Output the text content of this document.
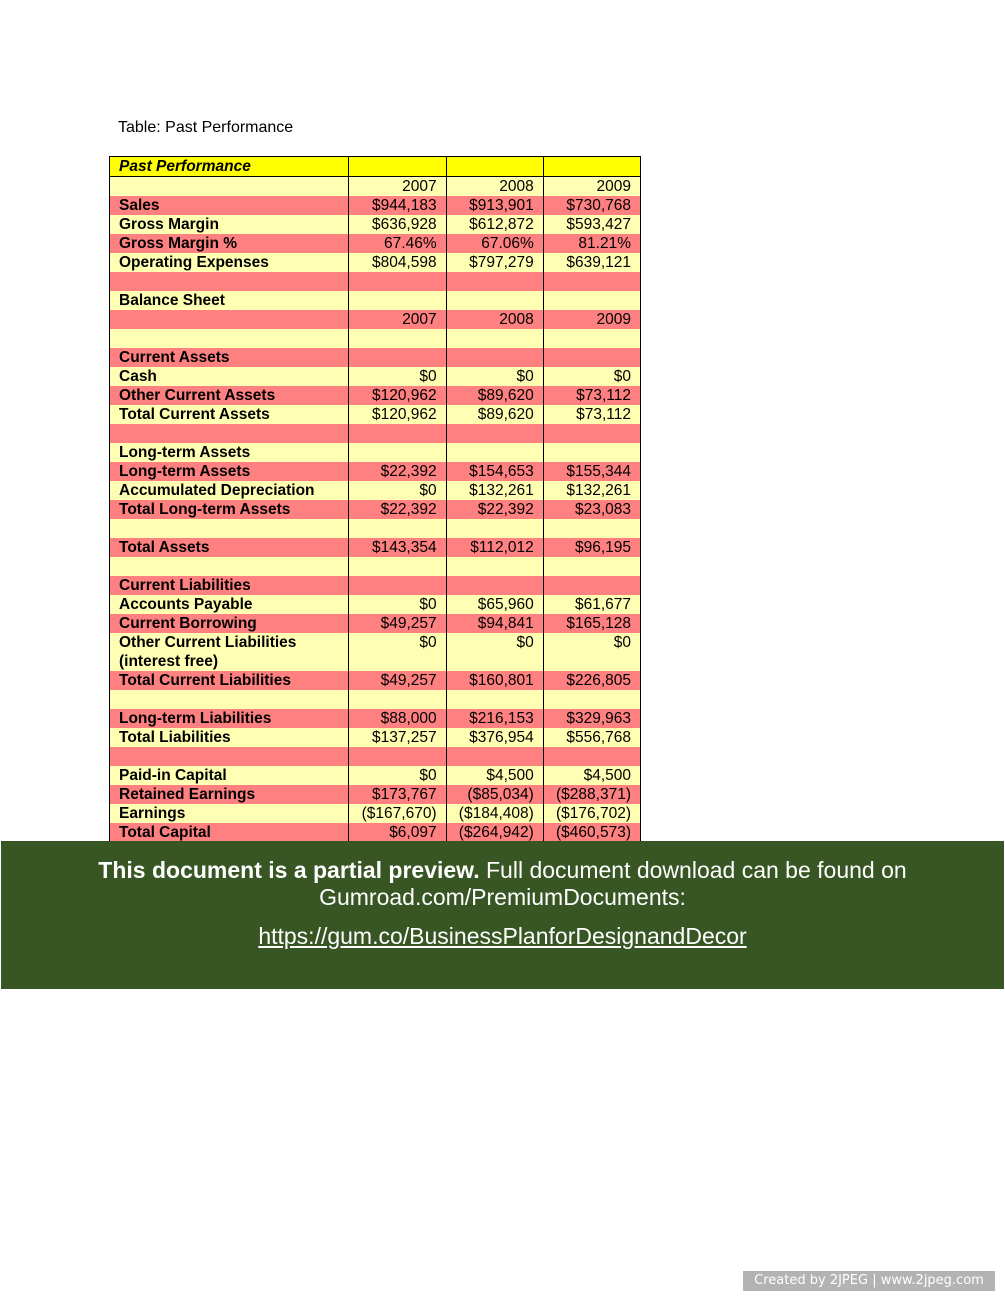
Table: Past Performance
Past Performance			
	2007	2008	2009
Sales	$944,183	$913,901	$730,768
Gross Margin	$636,928	$612,872	$593,427
Gross Margin %	67.46%	67.06%	81.21%
Operating Expenses	$804,598	$797,279	$639,121

Balance Sheet			
	2007	2008	2009

Current Assets			
Cash	$0	$0	$0
Other Current Assets	$120,962	$89,620	$73,112
Total Current Assets	$120,962	$89,620	$73,112

Long-term Assets			
Long-term Assets	$22,392	$154,653	$155,344
Accumulated Depreciation	$0	$132,261	$132,261
Total Long-term Assets	$22,392	$22,392	$23,083

Total Assets	$143,354	$112,012	$96,195

Current Liabilities			
Accounts Payable	$0	$65,960	$61,677
Current Borrowing	$49,257	$94,841	$165,128
Other Current Liabilities (interest free)	$0	$0	$0
Total Current Liabilities	$49,257	$160,801	$226,805

Long-term Liabilities	$88,000	$216,153	$329,963
Total Liabilities	$137,257	$376,954	$556,768

Paid-in Capital	$0	$4,500	$4,500
Retained Earnings	$173,767	($85,034)	($288,371)
Earnings	($167,670)	($184,408)	($176,702)
Total Capital	$6,097	($264,942)	($460,573)
This document is a partial preview. Full document download can be found on
Gumroad.com/PremiumDocuments:
https://gum.co/BusinessPlanforDesignandDecor
Created by 2JPEG | www.2jpeg.com
